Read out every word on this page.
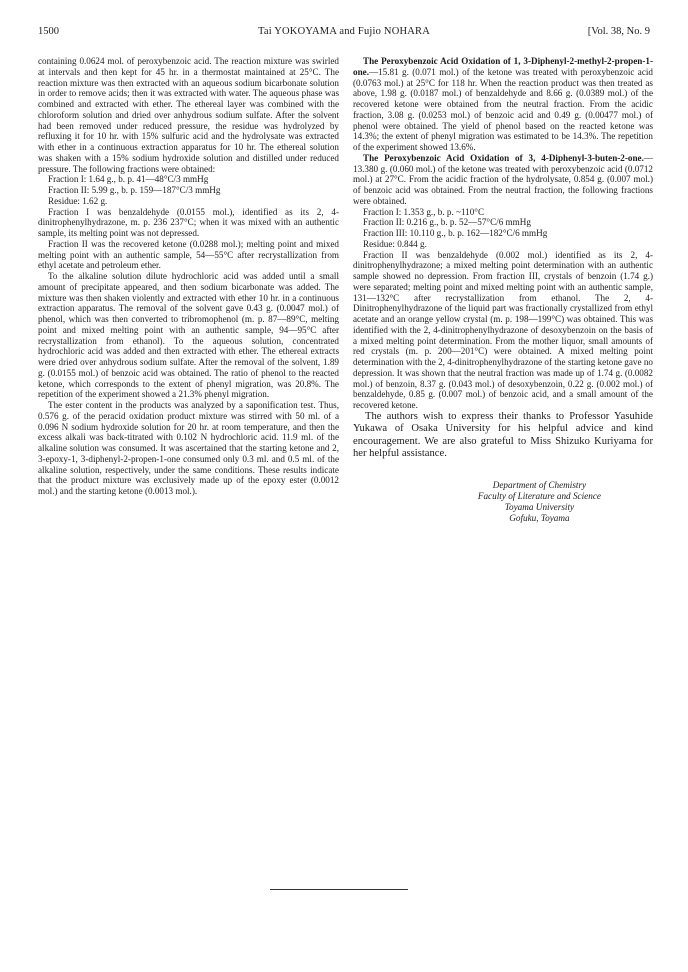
1500	Tai YOKOYAMA and Fujio NOHARA	[Vol. 38, No. 9

containing 0.0624 mol. of peroxybenzoic acid. The reaction mixture was swirled at intervals and then kept for 45 hr. in a thermostat maintained at 25°C. The reaction mixture was then extracted with an aqueous sodium bicarbonate solution in order to remove acids; then it was extracted with water. The aqueous phase was combined and extracted with ether. The ethereal layer was combined with the chloroform solution and dried over anhydrous sodium sulfate. After the solvent had been removed under reduced pressure, the residue was hydrolyzed by refluxing it for 10 hr. with 15% sulfuric acid and the hydrolysate was extracted with ether in a continuous extraction apparatus for 10 hr. The ethereal solution was shaken with a 15% sodium hydroxide solution and distilled under reduced pressure. The following fractions were obtained:

Fraction I: 1.64 g., b. p. 41—48°C/3 mmHg
Fraction II: 5.99 g., b. p. 159—187°C/3 mmHg
Residue: 1.62 g.

Fraction I was benzaldehyde (0.0155 mol.), identified as its 2, 4-dinitrophenylhydrazone, m. p. 236 237°C; when it was mixed with an authentic sample, its melting point was not depressed.

Fraction II was the recovered ketone (0.0288 mol.); melting point and mixed melting point with an authentic sample, 54—55°C after recrystallization from ethyl acetate and petroleum ether.

To the alkaline solution dilute hydrochloric acid was added until a small amount of precipitate appeared, and then sodium bicarbonate was added. The mixture was then shaken violently and extracted with ether 10 hr. in a continuous extraction apparatus. The removal of the solvent gave 0.43 g. (0.0047 mol.) of phenol, which was then converted to tribromophenol (m. p. 87—89°C, melting point and mixed melting point with an authentic sample, 94—95°C after recrystallization from ethanol). To the aqueous solution, concentrated hydrochloric acid was added and then extracted with ether. The ethereal extracts were dried over anhydrous sodium sulfate. After the removal of the solvent, 1.89 g. (0.0155 mol.) of benzoic acid was obtained. The ratio of phenol to the reacted ketone, which corresponds to the extent of phenyl migration, was 20.8%. The repetition of the experiment showed a 21.3% phenyl migration.

The ester content in the products was analyzed by a saponification test. Thus, 0.576 g. of the peracid oxidation product mixture was stirred with 50 ml. of a 0.096 N sodium hydroxide solution for 20 hr. at room temperature, and then the excess alkali was back-titrated with 0.102 N hydrochloric acid. 11.9 ml. of the alkaline solution was consumed. It was ascertained that the starting ketone and 2, 3-epoxy-1, 3-diphenyl-2-propen-1-one consumed only 0.3 ml. and 0.5 ml. of the alkaline solution, respectively, under the same conditions. These results indicate that the product mixture was exclusively made up of the epoxy ester (0.0012 mol.) and the starting ketone (0.0013 mol.).

The Peroxybenzoic Acid Oxidation of 1, 3-Diphenyl-2-methyl-2-propen-1-one.—15.81 g. (0.071 mol.) of the ketone was treated with peroxybenzoic acid (0.0763 mol.) at 25°C for 118 hr. When the reaction product was then treated as above, 1.98 g. (0.0187 mol.) of benzaldehyde and 8.66 g. (0.0389 mol.) of the recovered ketone were obtained from the neutral fraction. From the acidic fraction, 3.08 g. (0.0253 mol.) of benzoic acid and 0.49 g. (0.00477 mol.) of phenol were obtained. The yield of phenol based on the reacted ketone was 14.3%; the extent of phenyl migration was estimated to be 14.3%. The repetition of the experiment showed 13.6%.

The Peroxybenzoic Acid Oxidation of 3, 4-Diphenyl-3-buten-2-one.— 13.380 g. (0.060 mol.) of the ketone was treated with peroxybenzoic acid (0.0712 mol.) at 27°C. From the acidic fraction of the hydrolysate, 0.854 g. (0.007 mol.) of benzoic acid was obtained. From the neutral fraction, the following fractions were obtained.

Fraction I: 1.353 g., b. p. ~110°C
Fraction II: 0.216 g., b. p. 52—57°C/6 mmHg
Fraction III: 10.110 g., b. p. 162—182°C/6 mmHg
Residue: 0.844 g.

Fraction II was benzaldehyde (0.002 mol.) identified as its 2, 4-dinitrophenylhydrazone; a mixed melting point determination with an authentic sample showed no depression. From fraction III, crystals of benzoin (1.74 g.) were separated; melting point and mixed melting point with an authentic sample, 131—132°C after recrystallization from ethanol. The 2, 4-Dinitrophenylhydrazone of the liquid part was fractionally crystallized from ethyl acetate and an orange yellow crystal (m. p. 198—199°C) was obtained. This was identified with the 2, 4-dinitrophenylhydrazone of desoxybenzoin on the basis of a mixed melting point determination. From the mother liquor, small amounts of red crystals (m. p. 200—201°C) were obtained. A mixed melting point determination with the 2, 4-dinitrophenylhydrazone of the starting ketone gave no depression. It was shown that the neutral fraction was made up of 1.74 g. (0.0082 mol.) of benzoin, 8.37 g. (0.043 mol.) of desoxybenzoin, 0.22 g. (0.002 mol.) of benzaldehyde, 0.85 g. (0.007 mol.) of benzoic acid, and a small amount of the recovered ketone.

The authors wish to express their thanks to Professor Yasuhide Yukawa of Osaka University for his helpful advice and kind encouragement. We are also grateful to Miss Shizuko Kuriyama for her helpful assistance.

Department of Chemistry
Faculty of Literature and Science
Toyama University
Gofuku, Toyama
